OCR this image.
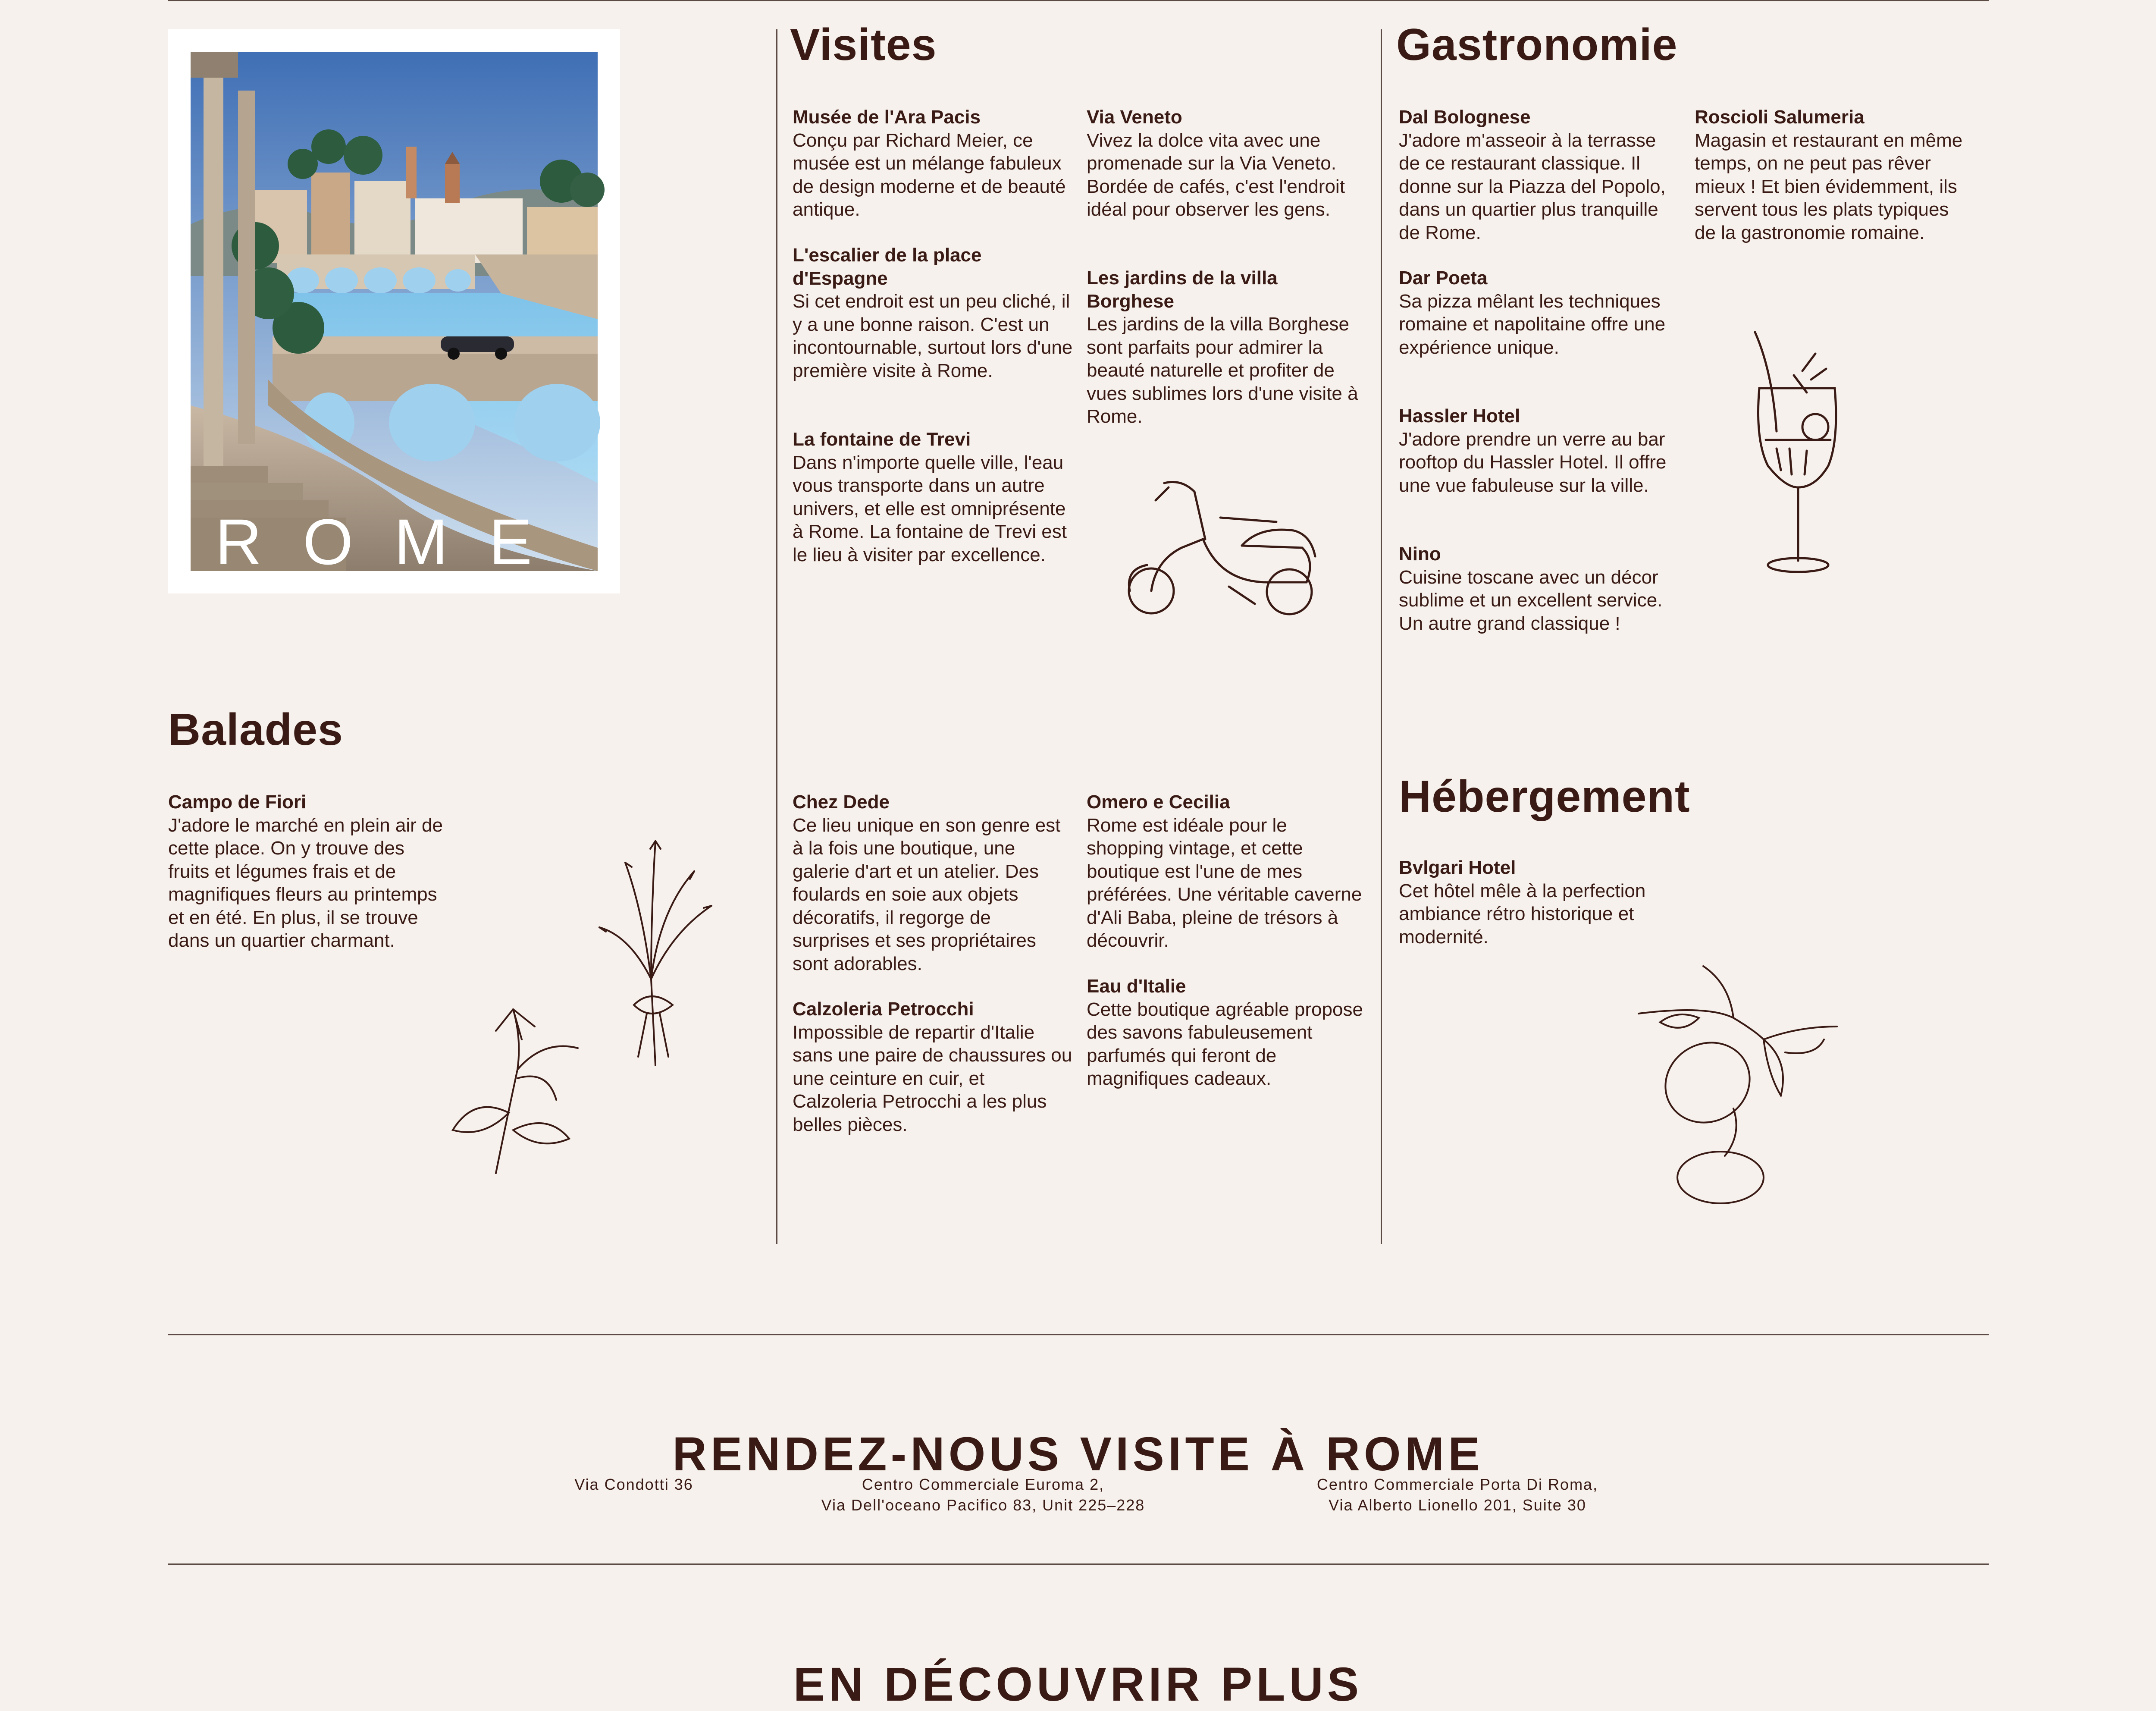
ROME
Visites
Musée de l'Ara Pacis
Conçu par Richard Meier, ce musée est un mélange fabuleux de design moderne et de beauté antique.
L'escalier de la place d'Espagne
Si cet endroit est un peu cliché, il y a une bonne raison. C'est un incontournable, surtout lors d'une première visite à Rome.
La fontaine de Trevi
Dans n'importe quelle ville, l'eau vous transporte dans un autre univers, et elle est omniprésente à Rome. La fontaine de Trevi est le lieu à visiter par excellence.
Via Veneto
Vivez la dolce vita avec une promenade sur la Via Veneto. Bordée de cafés, c'est l'endroit idéal pour observer les gens.
Les jardins de la villa Borghese
Les jardins de la villa Borghese sont parfaits pour admirer la beauté naturelle et profiter de vues sublimes lors d'une visite à Rome.
Gastronomie
Dal Bolognese
J'adore m'asseoir à la terrasse de ce restaurant classique. Il donne sur la Piazza del Popolo, dans un quartier plus tranquille de Rome.
Dar Poeta
Sa pizza mêlant les techniques romaine et napolitaine offre une expérience unique.
Hassler Hotel
J'adore prendre un verre au bar rooftop du Hassler Hotel. Il offre une vue fabuleuse sur la ville.
Nino
Cuisine toscane avec un décor sublime et un excellent service. Un autre grand classique !
Roscioli Salumeria
Magasin et restaurant en même temps, on ne peut pas rêver mieux ! Et bien évidemment, ils servent tous les plats typiques de la gastronomie romaine.
Balades
Campo de Fiori
J'adore le marché en plein air de cette place. On y trouve des fruits et légumes frais et de magnifiques fleurs au printemps et en été. En plus, il se trouve dans un quartier charmant.
Chez Dede
Ce lieu unique en son genre est à la fois une boutique, une galerie d'art et un atelier. Des foulards en soie aux objets décoratifs, il regorge de surprises et ses propriétaires sont adorables.
Calzoleria Petrocchi
Impossible de repartir d'Italie sans une paire de chaussures ou une ceinture en cuir, et Calzoleria Petrocchi a les plus belles pièces.
Omero e Cecilia
Rome est idéale pour le shopping vintage, et cette boutique est l'une de mes préférées. Une véritable caverne d'Ali Baba, pleine de trésors à découvrir.
Eau d'Italie
Cette boutique agréable propose des savons fabuleusement parfumés qui feront de magnifiques cadeaux.
Hébergement
Bvlgari Hotel
Cet hôtel mêle à la perfection ambiance rétro historique et modernité.
RENDEZ-NOUS VISITE À ROME
Via Condotti 36	Centro Commerciale Euroma 2,
Via Dell'oceano Pacifico 83, Unit 225–228
Centro Commerciale Porta Di Roma,
Via Alberto Lionello 201, Suite 30
EN DÉCOUVRIR PLUS
